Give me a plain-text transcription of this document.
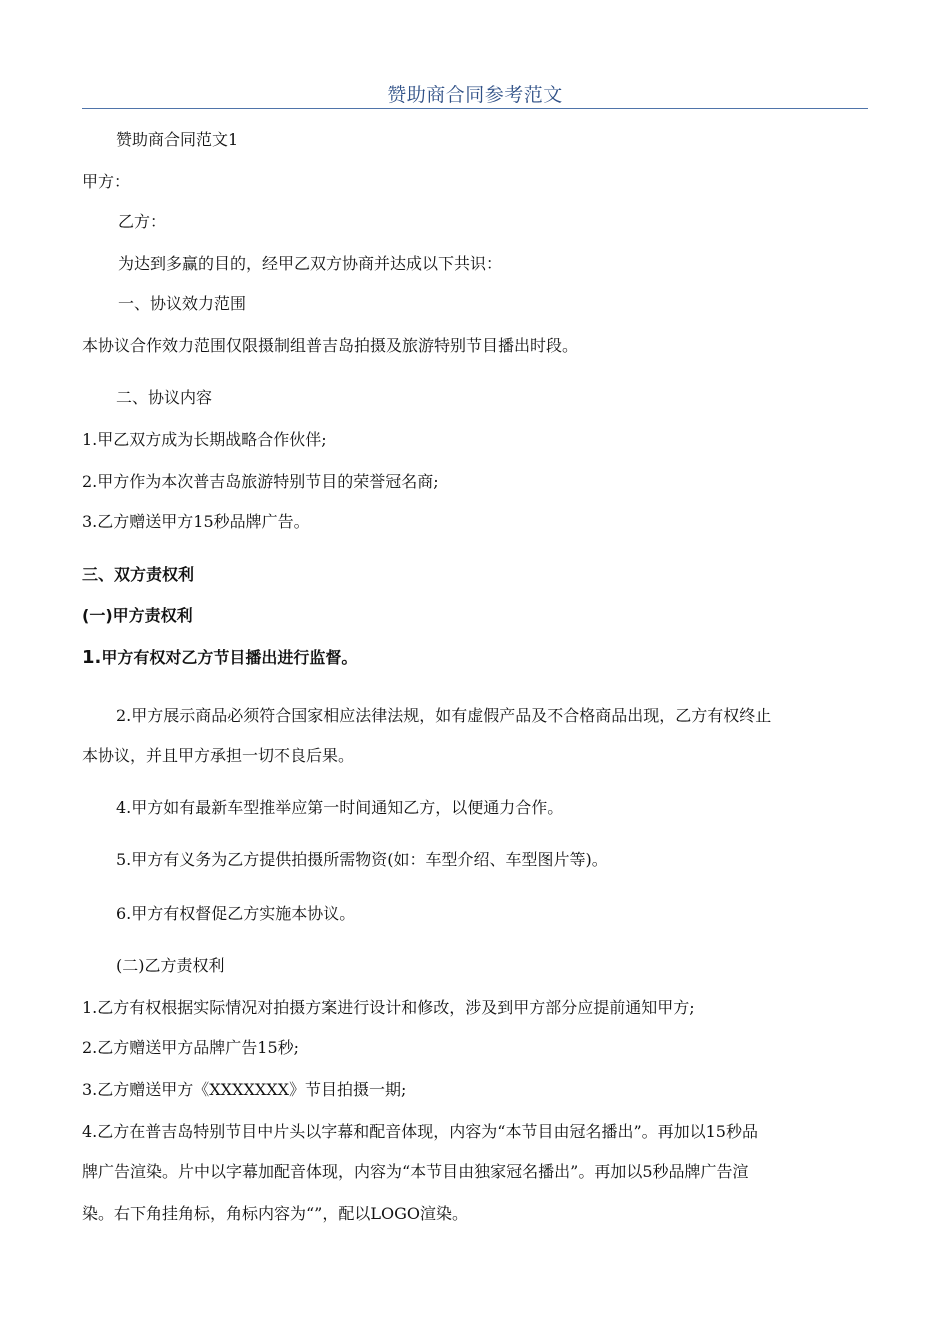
赞助商合同参考范文
赞助商合同范文1
甲方：
乙方：
为达到多赢的目的，经甲乙双方协商并达成以下共识：
一、协议效力范围
本协议合作效力范围仅限摄制组普吉岛拍摄及旅游特别节目播出时段。
二、协议内容
1.甲乙双方成为长期战略合作伙伴;
2.甲方作为本次普吉岛旅游特别节目的荣誉冠名商;
3.乙方赠送甲方15秒品牌广告。
三、双方责权利
(一)甲方责权利
1.甲方有权对乙方节目播出进行监督。
2.甲方展示商品必须符合国家相应法律法规，如有虚假产品及不合格商品出现，乙方有权终止
本协议，并且甲方承担一切不良后果。
4.甲方如有最新车型推举应第一时间通知乙方，以便通力合作。
5.甲方有义务为乙方提供拍摄所需物资(如：车型介绍、车型图片等)。
6.甲方有权督促乙方实施本协议。
(二)乙方责权利
1.乙方有权根据实际情况对拍摄方案进行设计和修改，涉及到甲方部分应提前通知甲方;
2.乙方赠送甲方品牌广告15秒;
3.乙方赠送甲方《XXXXXXX》节目拍摄一期;
4.乙方在普吉岛特别节目中片头以字幕和配音体现，内容为“本节目由冠名播出”。再加以15秒品
牌广告渲染。片中以字幕加配音体现，内容为“本节目由独家冠名播出”。再加以5秒品牌广告渲
染。右下角挂角标，角标内容为“”，配以LOGO渲染。
